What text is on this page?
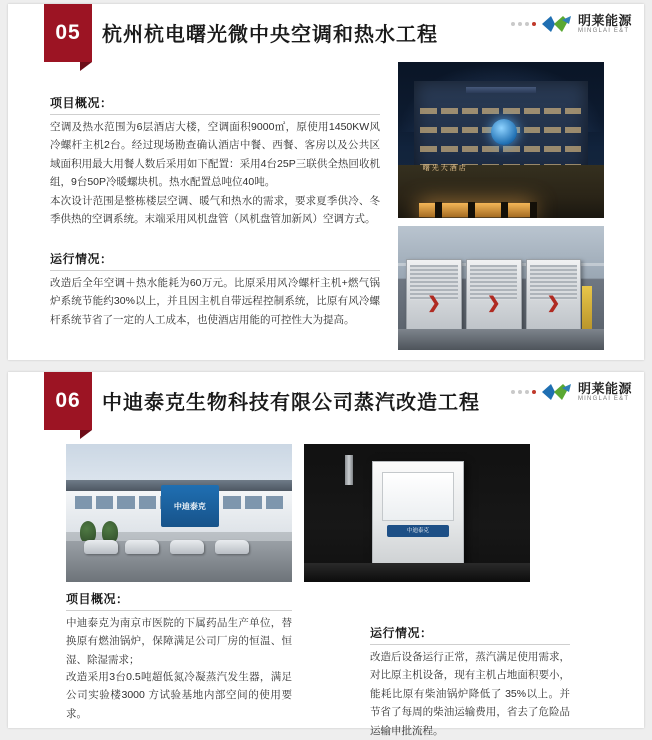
05	杭州杭电曙光微中央空调和热水工程
明莱能源
MINGLAI E&T
项目概况：
空调及热水范围为6层酒店大楼，空调面积9000㎡，原使用1450KW风冷螺杆主机2台。经过现场勘查确认酒店中餐、西餐、客房以及公共区域面积用最大用餐人数后采用如下配置：采用4台25P三联供全热回收机组，9台50P冷暖螺块机。热水配置总吨位40吨。
本次设计范围是整栋楼层空调、暖气和热水的需求，要求夏季供冷、冬季供热的空调系统。末端采用风机盘管（风机盘管加新风）空调方式。
运行情况：
改造后全年空调＋热水能耗为60万元。比原采用风冷螺杆主机+燃气锅炉系统节能约30%以上，并且因主机自带远程控制系统，比原有风冷螺杆系统节省了一定的人工成本，也使酒店用能的可控性大为提高。
曙光大酒店
❯	❯	❯
06	中迪泰克生物科技有限公司蒸汽改造工程
明莱能源
MINGLAI E&T
中迪泰克
中迪泰克
项目概况：
中迪泰克为南京市医院的下属药品生产单位，替换原有燃油锅炉，保障满足公司厂房的恒温、恒湿、除湿需求；
改造采用3台0.5吨超低氮冷凝蒸汽发生器，满足公司实验楼3000 方试验基地内部空间的使用要求。
运行情况：
改造后设备运行正常，蒸汽满足使用需求，对比原主机设备，现有主机占地面积要小，能耗比原有柴油锅炉降低了 35%以上。并节省了每周的柴油运输费用，省去了危险品运输申批流程。
